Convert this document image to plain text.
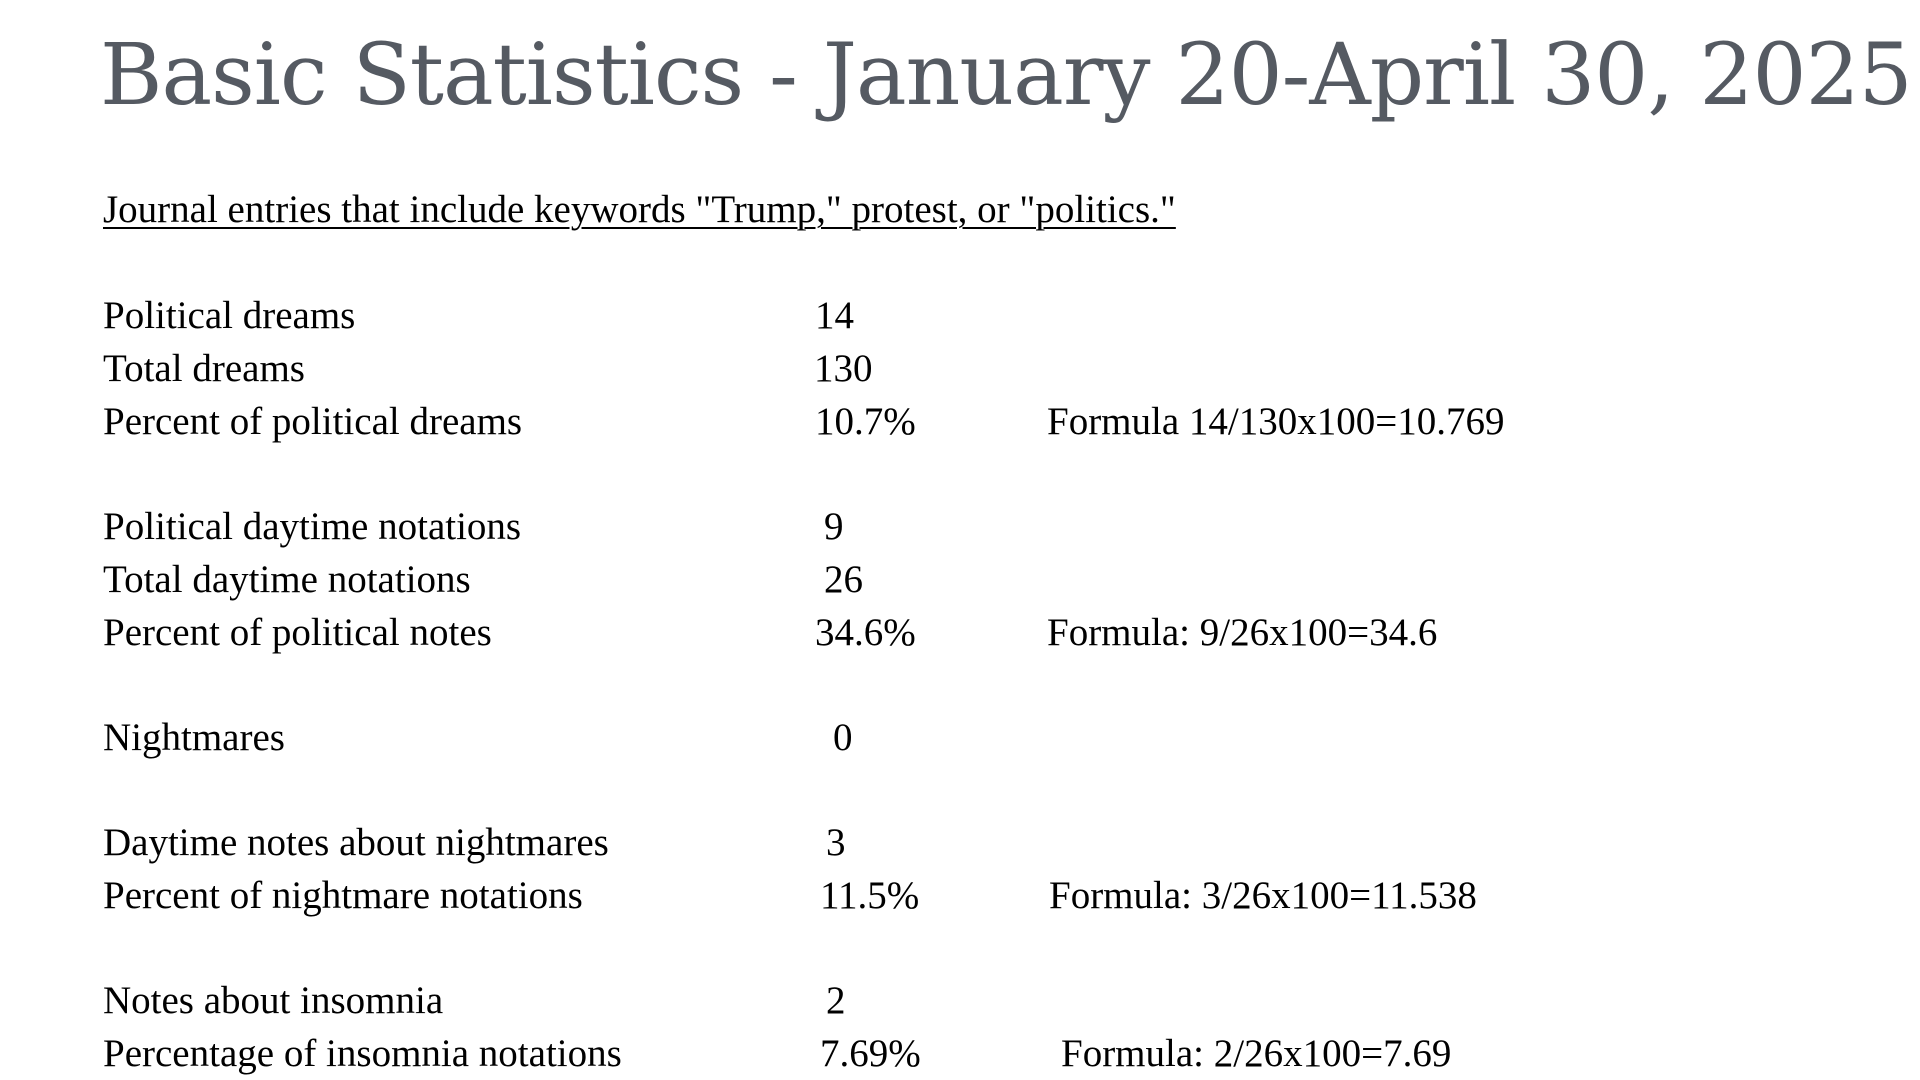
Basic Statistics - January 20-April 30, 2025
Journal entries that include keywords "Trump," protest, or "politics."
Political dreams	14
Total dreams	130
Percent of political dreams	10.7%	Formula 14/130x100=10.769
Political daytime notations	9
Total daytime notations	26
Percent of political notes	34.6%	Formula: 9/26x100=34.6
Nightmares	0
Daytime notes about nightmares	3
Percent of nightmare notations	11.5%	Formula: 3/26x100=11.538
Notes about insomnia	2
Percentage of insomnia notations	7.69%	Formula: 2/26x100=7.69
